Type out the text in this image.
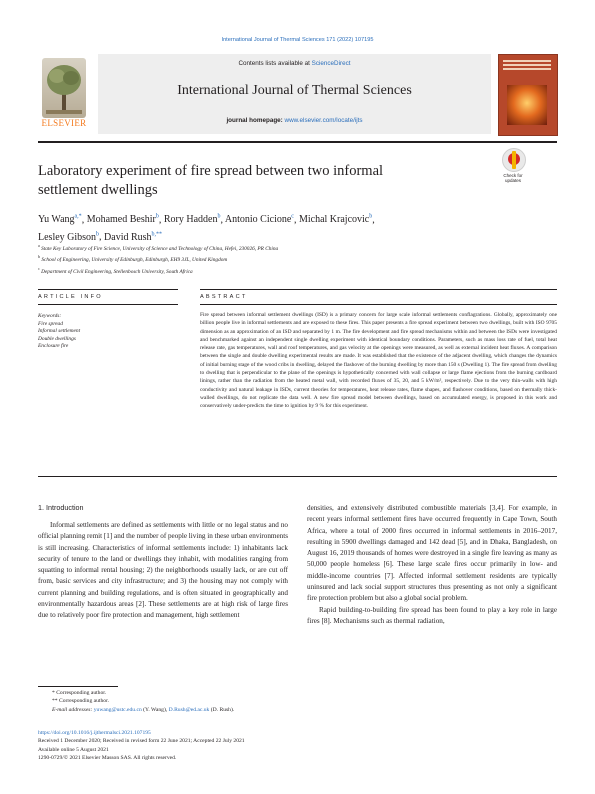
International Journal of Thermal Sciences 171 (2022) 107195
ELSEVIER
Contents lists available at ScienceDirect
International Journal of Thermal Sciences
journal homepage: www.elsevier.com/locate/ijts
Laboratory experiment of fire spread between two informal
settlement dwellings
Check for
updates
Yu Wang$^{a,*}$, Mohamed Beshir$^b$, Rory Hadden$^b$, Antonio Cicione$^c$, Michal Krajcovic$^b$,
Lesley Gibson$^b$, David Rush$^{b,**}$
$^a$ State Key Laboratory of Fire Science, University of Science and Technology of China, Hefei, 230026, PR China
$^b$ School of Engineering, University of Edinburgh, Edinburgh, EH9 3JL, United Kingdom
$^c$ Department of Civil Engineering, Stellenbosch University, South Africa
ARTICLE INFO
Keywords:
Fire spread
Informal settlement
Double dwellings
Enclosure fire
ABSTRACT
Fire spread between informal settlement dwellings (ISD) is a primary concern for large scale informal settlements conflagrations. Globally, approximately one billion people live in informal settlements and are exposed to these fires. This paper presents a fire spread experiment between two dwellings, built with ISO 9705 dimension as an approximation of an ISD and separated by 1 m. The fire development and fire spread mechanisms within and between the ISDs were investigated and benchmarked against an independent single dwelling experiment with identical boundary conditions. Parameters, such as mass loss rate of fuel, total heat release rate, gas temperatures, wall and roof temperatures, and gas velocity at the openings were measured, as well as external incident heat fluxes. A comparison between the single and double dwelling experimental results are made. It was established that the existence of the adjacent dwelling, which changes the dynamics of initial burning stage of the wood cribs in dwelling, delayed the flashover of the burning dwelling by more than 150 s (Dwelling 1). The fire spread from dwelling to dwelling that is perpendicular to the plane of the openings is hypothetically concerned with wall collapse or large flame ejections from the burning cardboard linings, rather than the radiation from the heated metal wall, with recorded fluxes of 35, 20, and 5 kW/m², respectively. Due to the very thin-walls with high conductivity and natural leakage in ISDs, current theories for temperatures, heat release rates, flame shapes, and flashover conditions, based on thermally thick-walled dwellings, do not replicate the data well. A new fire spread model between dwellings, based on accumulated energy, is proposed in this work and conservatively under-predicts the time to ignition by 9 % for this experiment.
1. Introduction

Informal settlements are defined as settlements with little or no legal status and no official planning remit [1] and the number of people living in these urban environments is still increasing. Characteristics of informal settlements include: 1) inhabitants lack security of tenure to the land or dwellings they inhabit, with modalities ranging from squatting to informal rental housing; 2) the neighborhoods usually lack, or are cut off from, basic services and city infrastructure; and 3) the housing may not comply with current planning and building regulations, and is often situated in geographically and environmentally hazardous areas [2]. These settlements are at high risk of large fires due to relatively poor fire protection and management, high settlement

densities, and extensively distributed combustible materials [3,4]. For example, in recent years informal settlement fires have occurred frequently in Cape Town, South Africa, where a total of 2000 fires occurred in informal settlements in 2016–2017, resulting in 5900 dwellings damaged and 142 dead [5], and in Dhaka, Bangladesh, on August 16, 2019 thousands of homes were destroyed in a single fire leaving as many as 50,000 people homeless [6]. These large scale fires occur primarily in low- and middle-income countries [7]. Affected informal settlement residents are typically uninsured and lack social support structures thus presenting as not only a significant fire protection problem but also a global social problem.

Rapid building-to-building fire spread has been found to play a key role in large fires [8]. Mechanisms such as thermal radiation,

* Corresponding author.
** Corresponding author.
E-mail addresses: yuwang@ustc.edu.cn (Y. Wang), D.Rush@ed.ac.uk (D. Rush).
https://doi.org/10.1016/j.ijthermalsci.2021.107195
Received 1 December 2020; Received in revised form 22 June 2021; Accepted 22 July 2021
Available online 5 August 2021
1290-0729/© 2021 Elsevier Masson SAS. All rights reserved.
